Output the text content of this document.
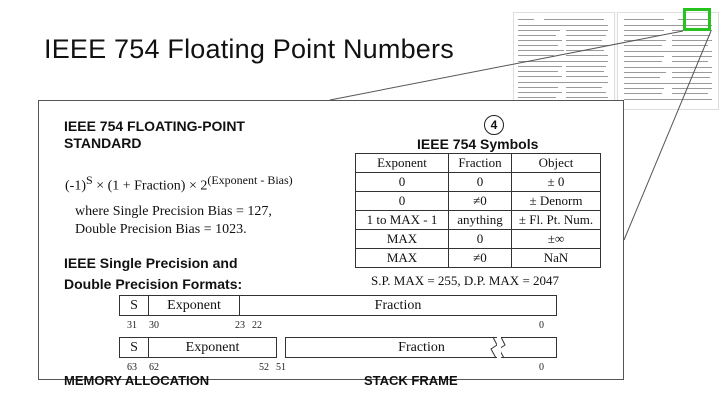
IEEE 754 Floating Point Numbers
IEEE 754 FLOATING-POINT
STANDARD
$(-1)^S \times (1$ + Fraction) × $2^{(Exponent - Bias)}$
where Single Precision Bias = 127,
Double Precision Bias = 1023.
IEEE Single Precision and
Double Precision Formats:
4
IEEE 754 Symbols
Exponent	Fraction	Object
0	0	± 0
0	≠0	± Denorm
1 to MAX - 1	anything	± Fl. Pt. Num.
MAX	0	±∞
MAX	≠0	NaN
S.P. MAX = 255, D.P. MAX = 2047
S	Exponent	Fraction
31 30	23 22	0
S	Exponent	Fraction
63 62	52 51	0
MEMORY ALLOCATION	STACK FRAME
